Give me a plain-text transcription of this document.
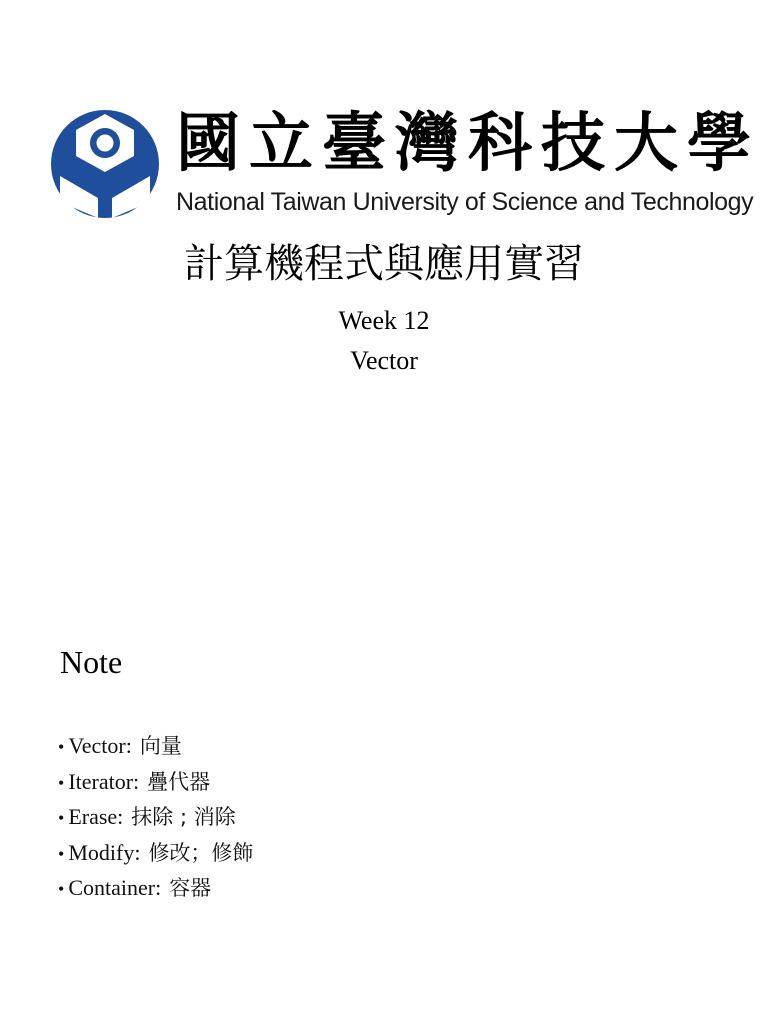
國立臺灣科技大學
National Taiwan University of Science and Technology
計算機程式與應用實習
Week 12
Vector
Note
• Vector: 向量
• Iterator: 疊代器
• Erase: 抹除 ; 消除
• Modify: 修改；修飾
• Container: 容器
